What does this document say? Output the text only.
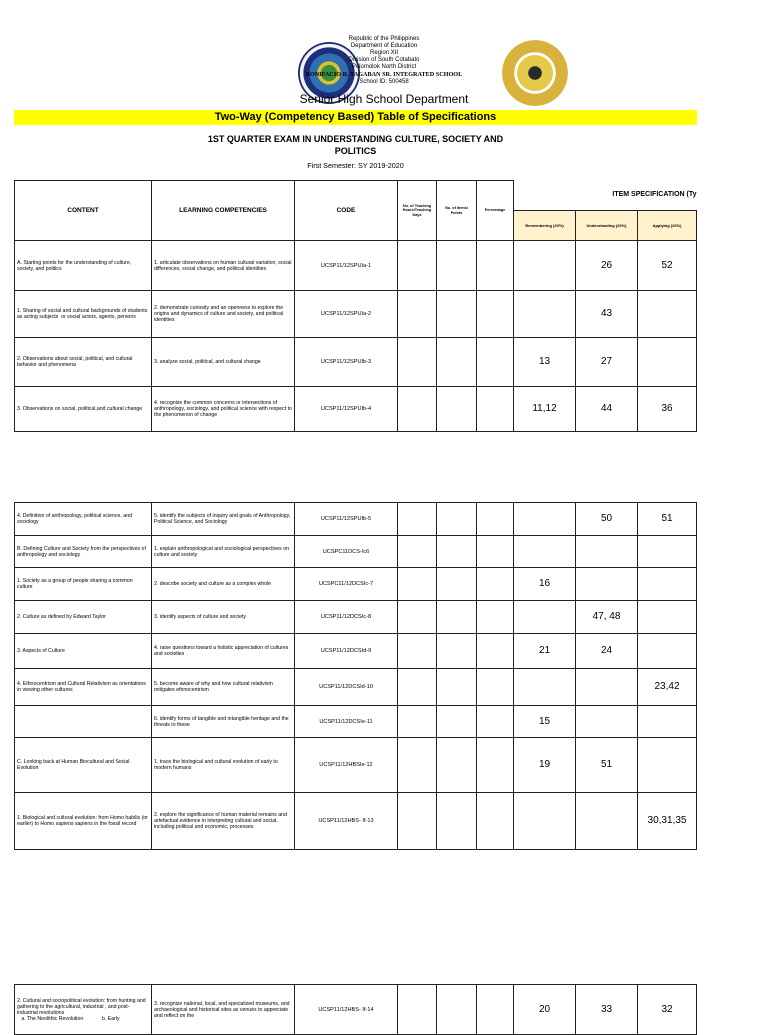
Republic of the Philippines
Department of Education
Region XII
Division of South Cotabato
Polomolok North District
BONIFACIO R. TAGABAN SR. INTEGRATED SCHOOL
School ID: 500458
Senior High School Department
Two-Way (Competency Based) Table of Specifications
1ST QUARTER EXAM IN UNDERSTANDING CULTURE, SOCIETY AND
POLITICS
First Semester: SY 2019-2020
CONTENT	LEARNING COMPETENCIES	CODE	No. of Teaching Hours/Teaching Days	No. of Items/ Points	Percentage	ITEM SPECIFICATION (Ty		
						Remembering (20%)	Understanding (20%)	Applying (20%)
A. Starting points for the understanding of culture, society, and politics	1. articulate observations on human cultural variation, social differences, social change, and political identities	UCSP11/12SPUIa-1					26	52
1. Sharing of social and cultural backgrounds of students as acting subjects  or social actors, agents, persons	2. demonstrate curiosity and an openness to explore the origins and dynamics of culture and society, and political identities	UCSP11/12SPUIa-2					43	
2. Observations about social, political, and cultural behavior and phenomena	3. analyze social, political, and cultural change	UCSP11/12SPUIb-3				13	27	
3. Observations on social, political,and cultural change	4. recognize the common concerns or intersections of anthropology, sociology, and political science with respect to the phenomenon of change	UCSP11/12SPUIb-4				11,12	44	36
4. Definition of anthropology, political science, and sociology	5. identify the subjects of inquiry and goals of Anthropology, Political Science, and Sociology	UCSP11/12SPUIb-5					50	51
B. Defining Culture and Society from the perspectives of anthropology and sociology	1. explain anthropological and sociological perspectives on culture and society	UCSPC11DCS-Ic6						
1. Society as a group of people sharing a common culture	2. describe society and culture as a complex whole	UCSPC11/12DCSIc-7				16		
2. Culture as defined by Edward Taylor	3. identify aspects of culture and society	UCSP11/12DCSIc-8					47, 48	
3. Aspects of Culture	4. raise questions toward a holistic appreciation of cultures and societies	UCSP11/12DCSId-9				21	24	
4. Ethnocentrism and Cultural Relativism as orientations in viewing other cultures	5. become aware of why and how cultural relativism mitigates ethnocentrism	UCSP11/12DCSId-10						23,42
	6. identify forms of tangible and intangible heritage and the threats to these	UCSP11/12DCSIe-11				15		
C. Looking back at Human Biocultural and Social Evolution	1. trace the biological and cultural evolution of early to modern humans	UCSP11/12HBSIe-12				19	51	
1. Biological and cultural evolution: from Homo habilis (or earlier) to Homo sapiens sapiens in the fossil record	2. explore the significance of human material remains and artefactual evidence in interpreting cultural and social, including political and economic, processes	UCSP11/12HBS- If-13						30,31,35
2. Cultural and sociopolitical evolution: from hunting and gathering to the agricultural, industrial , and post-industrial revolutions
a. The Neolithic Revolution             b. Early	3. recognize national, local, and specialized museums, and archaeological and historical sites as venues to appreciate and reflect on the	UCSP11/12HBS- If-14				20	33	32
